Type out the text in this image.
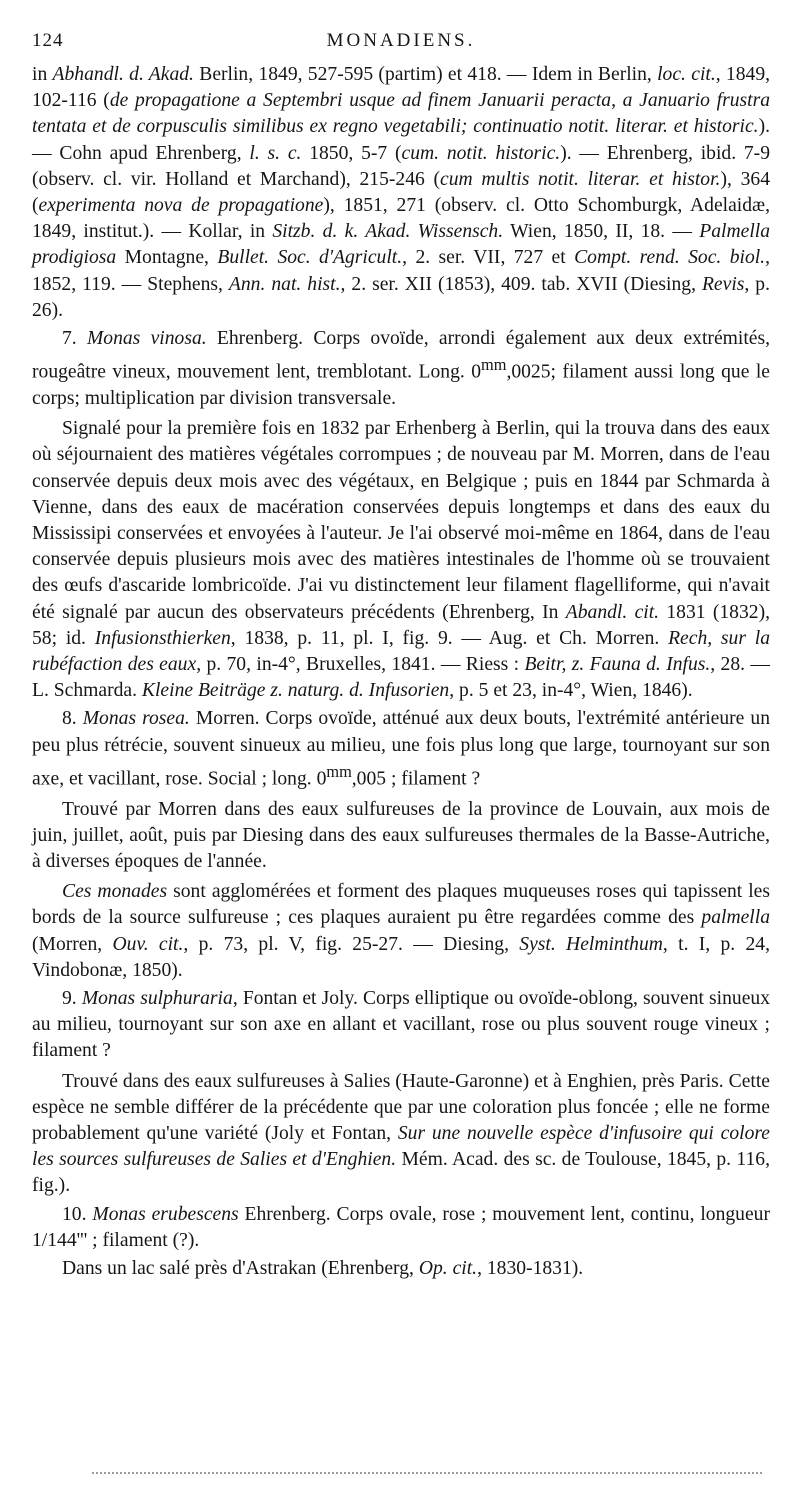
124	MONADIENS.

in Abhandl. d. Akad. Berlin, 1849, 527-595 (partim) et 418. — Idem in Berlin, loc. cit., 1849, 102-116 (de propagatione a Septembri usque ad finem Januarii peracta, a Januario frustra tentata et de corpusculis similibus ex regno vegetabili; continuatio notit. literar. et historic.). — Cohn apud Ehrenberg, l. s. c. 1850, 5-7 (cum. notit. historic.). — Ehrenberg, ibid. 7-9 (observ. cl. vir. Holland et Marchand), 215-246 (cum multis notit. literar. et histor.), 364 (experimenta nova de propagatione), 1851, 271 (observ. cl. Otto Schomburgk, Adelaidæ, 1849, institut.). — Kollar, in Sitzb. d. k. Akad. Wissensch. Wien, 1850, II, 18. — Palmella prodigiosa Montagne, Bullet. Soc. d'Agricult., 2. ser. VII, 727 et Compt. rend. Soc. biol., 1852, 119. — Stephens, Ann. nat. hist., 2. ser. XII (1853), 409. tab. XVII (Diesing, Revis, p. 26).

7. Monas vinosa. Ehrenberg. Corps ovoïde, arrondi également aux deux extrémités, rougeâtre vineux, mouvement lent, tremblotant. Long. $0^{mm},0025$; filament aussi long que le corps; multiplication par division transversale.

Signalé pour la première fois en 1832 par Erhenberg à Berlin, qui la trouva dans des eaux où séjournaient des matières végétales corrompues ; de nouveau par M. Morren, dans de l'eau conservée depuis deux mois avec des végétaux, en Belgique ; puis en 1844 par Schmarda à Vienne, dans des eaux de macération conservées depuis longtemps et dans des eaux du Mississipi conservées et envoyées à l'auteur. Je l'ai observé moi-même en 1864, dans de l'eau conservée depuis plusieurs mois avec des matières intestinales de l'homme où se trouvaient des œufs d'ascaride lombricoïde. J'ai vu distinctement leur filament flagelliforme, qui n'avait été signalé par aucun des observateurs précédents (Ehrenberg, In Abandl. cit. 1831 (1832), 58; id. Infusionsthierken, 1838, p. 11, pl. I, fig. 9. — Aug. et Ch. Morren. Rech, sur la rubéfaction des eaux, p. 70, in-4°, Bruxelles, 1841. — Riess : Beitr, z. Fauna d. Infus., 28. — L. Schmarda. Kleine Beiträge z. naturg. d. Infusorien, p. 5 et 23, in-4°, Wien, 1846).

8. Monas rosea. Morren. Corps ovoïde, atténué aux deux bouts, l'extrémité antérieure un peu plus rétrécie, souvent sinueux au milieu, une fois plus long que large, tournoyant sur son axe, et vacillant, rose. Social ; long. $0^{mm},005$ ; filament ?

Trouvé par Morren dans des eaux sulfureuses de la province de Louvain, aux mois de juin, juillet, août, puis par Diesing dans des eaux sulfureuses thermales de la Basse-Autriche, à diverses époques de l'année.

Ces monades sont agglomérées et forment des plaques muqueuses roses qui tapissent les bords de la source sulfureuse ; ces plaques auraient pu être regardées comme des palmella (Morren, Ouv. cit., p. 73, pl. V, fig. 25-27. — Diesing, Syst. Helminthum, t. I, p. 24, Vindobonæ, 1850).

9. Monas sulphuraria, Fontan et Joly. Corps elliptique ou ovoïde-oblong, souvent sinueux au milieu, tournoyant sur son axe en allant et vacillant, rose ou plus souvent rouge vineux ; filament ?

Trouvé dans des eaux sulfureuses à Salies (Haute-Garonne) et à Enghien, près Paris. Cette espèce ne semble différer de la précédente que par une coloration plus foncée ; elle ne forme probablement qu'une variété (Joly et Fontan, Sur une nouvelle espèce d'infusoire qui colore les sources sulfureuses de Salies et d'Enghien. Mém. Acad. des sc. de Toulouse, 1845, p. 116, fig.).

10. Monas erubescens Ehrenberg. Corps ovale, rose ; mouvement lent, continu, longueur 1/144''' ; filament (?).

Dans un lac salé près d'Astrakan (Ehrenberg, Op. cit., 1830-1831).
